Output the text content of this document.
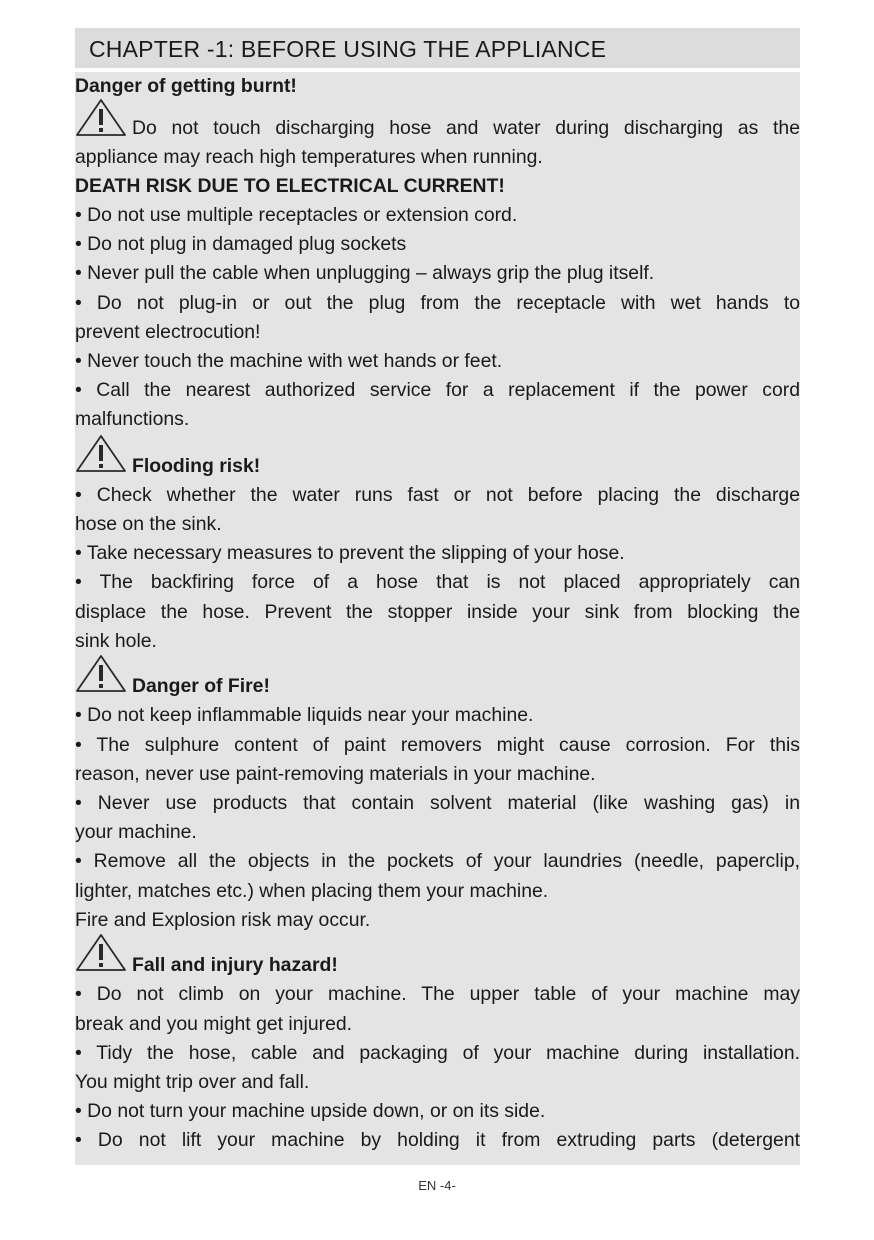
CHAPTER -1: BEFORE USING THE APPLIANCE
Danger of getting burnt!
Do not touch discharging hose and water during discharging as the
appliance may reach high temperatures when running.
DEATH RISK DUE TO ELECTRICAL CURRENT!
• Do not use multiple receptacles or extension cord.
• Do not plug in damaged plug sockets
• Never pull the cable when unplugging – always grip the plug itself.
• Do not plug-in or out the plug from the receptacle with wet hands to
prevent electrocution!
• Never touch the machine with wet hands or feet.
• Call the nearest authorized service for a replacement if the power cord
malfunctions.
Flooding risk!
• Check whether the water runs fast or not before placing the discharge
hose on the sink.
• Take necessary measures to prevent the slipping of your hose.
• The backfiring force of a hose that is not placed appropriately can
displace the hose. Prevent the stopper inside your sink from blocking the
sink hole.
Danger of Fire!
• Do not keep inflammable liquids near your machine.
• The sulphure content of paint removers might cause corrosion. For this
reason, never use paint-removing materials in your machine.
• Never use products that contain solvent material (like washing gas) in
your machine.
• Remove all the objects in the pockets of your laundries (needle, paperclip,
lighter, matches etc.) when placing them your machine.
Fire and Explosion risk may occur.
Fall and injury hazard!
• Do not climb on your machine. The upper table of your machine may
break and you might get injured.
• Tidy the hose, cable and packaging of your machine during installation.
You might trip over and fall.
• Do not turn your machine upside down, or on its side.
• Do not lift your machine by holding it from extruding parts (detergent
EN -4-
